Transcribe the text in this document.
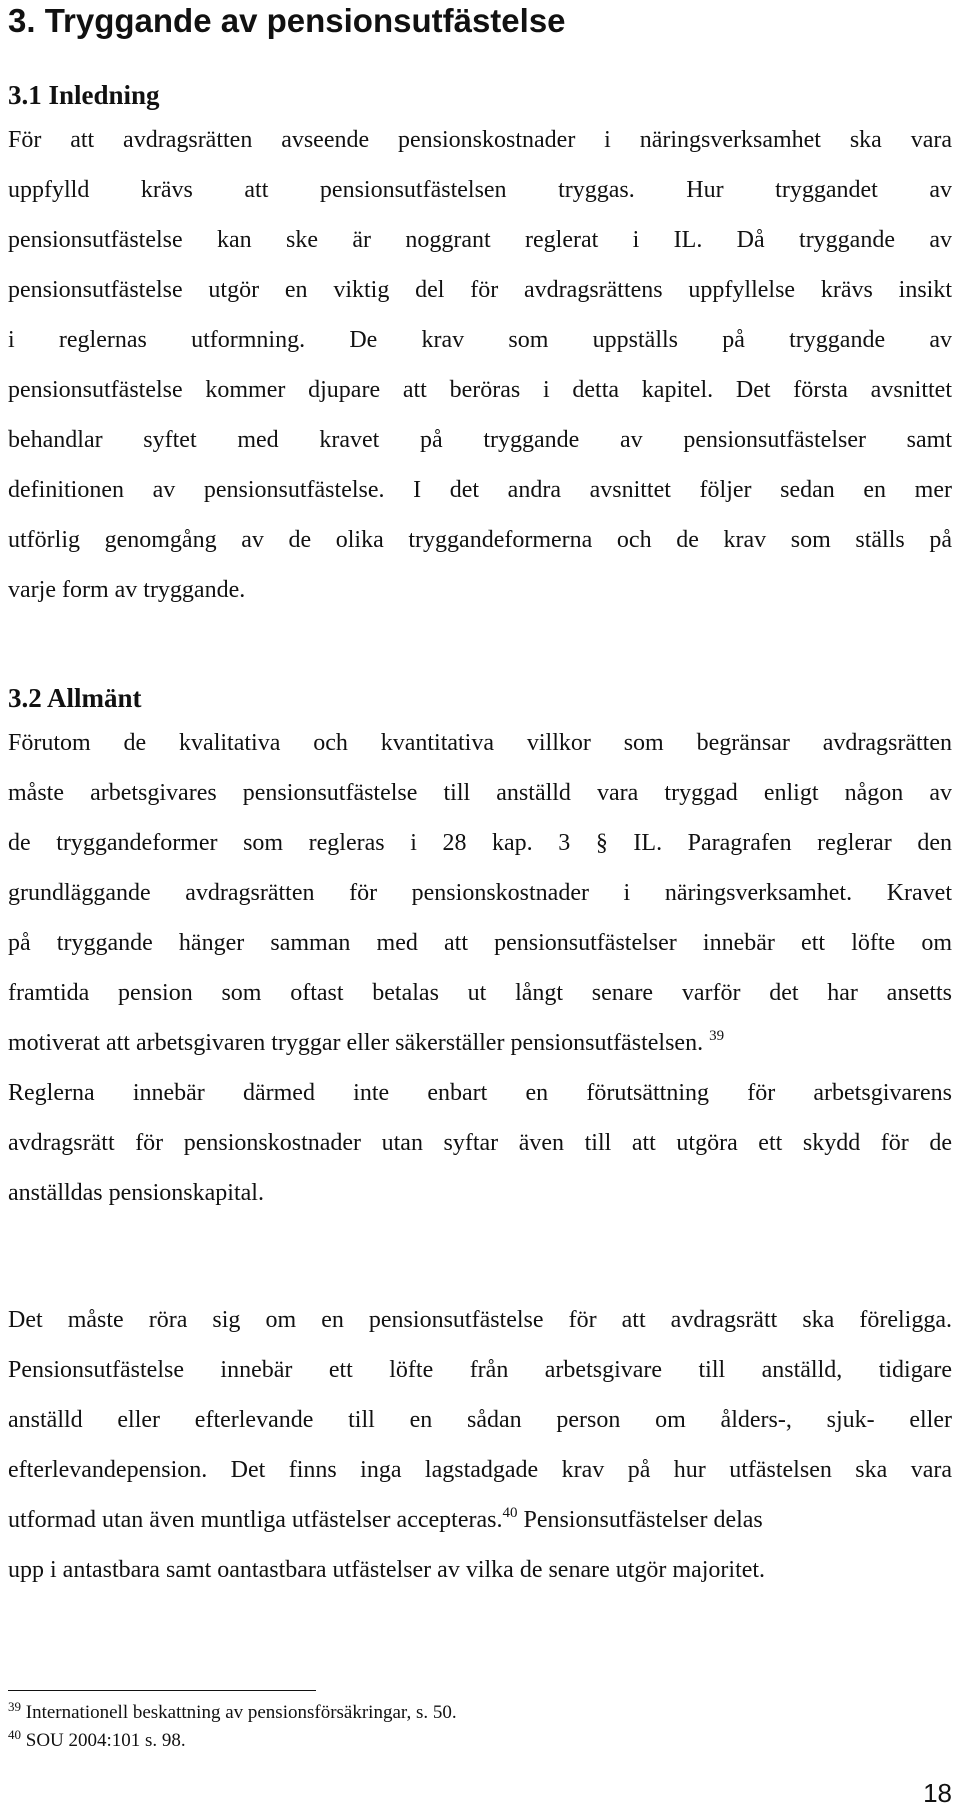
3. Tryggande av pensionsutfästelse
3.1 Inledning
För att avdragsrätten avseende pensionskostnader i näringsverksamhet ska vara
uppfylld krävs att pensionsutfästelsen tryggas. Hur tryggandet av
pensionsutfästelse kan ske är noggrant reglerat i IL. Då tryggande av
pensionsutfästelse utgör en viktig del för avdragsrättens uppfyllelse krävs insikt
i reglernas utformning. De krav som uppställs på tryggande av
pensionsutfästelse kommer djupare att beröras i detta kapitel. Det första avsnittet
behandlar syftet med kravet på tryggande av pensionsutfästelser samt
definitionen av pensionsutfästelse. I det andra avsnittet följer sedan en mer
utförlig genomgång av de olika tryggandeformerna och de krav som ställs på
varje form av tryggande.
3.2 Allmänt
Förutom de kvalitativa och kvantitativa villkor som begränsar avdragsrätten
måste arbetsgivares pensionsutfästelse till anställd vara tryggad enligt någon av
de tryggandeformer som regleras i 28 kap. 3 § IL. Paragrafen reglerar den
grundläggande avdragsrätten för pensionskostnader i näringsverksamhet. Kravet
på tryggande hänger samman med att pensionsutfästelser innebär ett löfte om
framtida pension som oftast betalas ut långt senare varför det har ansetts
motiverat att arbetsgivaren tryggar eller säkerställer pensionsutfästelsen. $^{39}$
Reglerna innebär därmed inte enbart en förutsättning för arbetsgivarens
avdragsrätt för pensionskostnader utan syftar även till att utgöra ett skydd för de
anställdas pensionskapital.
Det måste röra sig om en pensionsutfästelse för att avdragsrätt ska föreligga.
Pensionsutfästelse innebär ett löfte från arbetsgivare till anställd, tidigare
anställd eller efterlevande till en sådan person om ålders-, sjuk- eller
efterlevandepension. Det finns inga lagstadgade krav på hur utfästelsen ska vara
utformad utan även muntliga utfästelser accepteras.$^{40}$ Pensionsutfästelser delas
upp i antastbara samt oantastbara utfästelser av vilka de senare utgör majoritet.
$^{39}$ Internationell beskattning av pensionsförsäkringar, s. 50.
$^{40}$ SOU 2004:101 s. 98.
18
